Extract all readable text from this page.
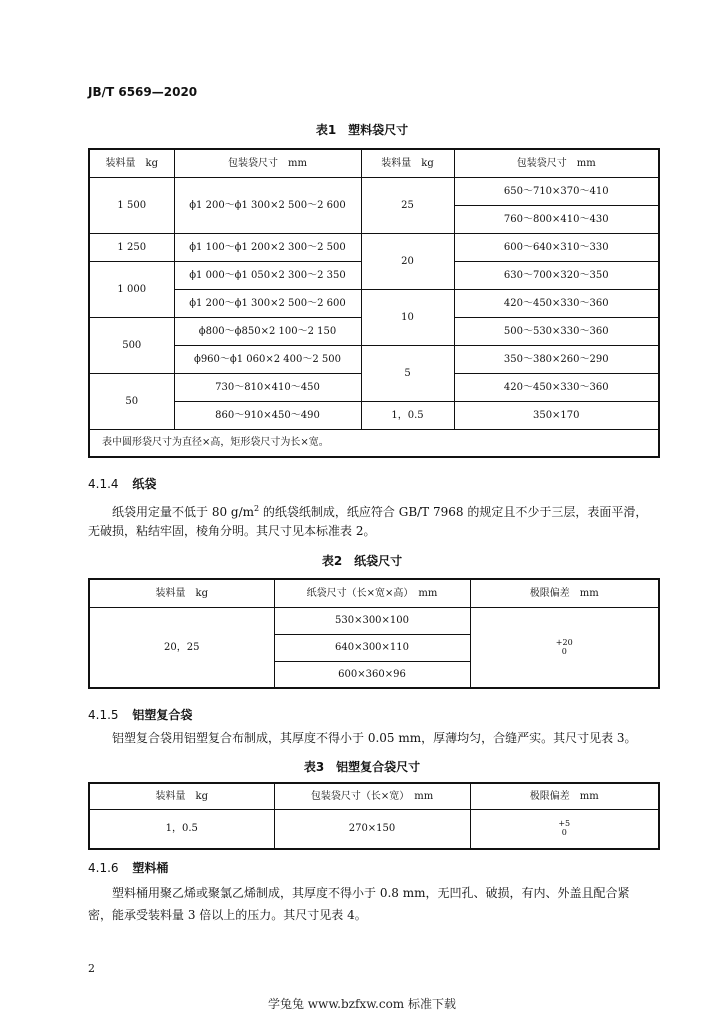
JB/T 6569—2020
表1　塑料袋尺寸
装料量　kg	包装袋尺寸　mm	装料量　kg	包装袋尺寸　mm
1 500	ϕ1 200～ϕ1 300×2 500～2 600	25	650～710×370～410
			760～800×410～430
1 250	ϕ1 100～ϕ1 200×2 300～2 500	20	600～640×310～330
1 000	ϕ1 000～ϕ1 050×2 300～2 350		630～700×320～350
	ϕ1 200～ϕ1 300×2 500～2 600	10	420～450×330～360
500	ϕ800～ϕ850×2 100～2 150		500～530×330～360
	ϕ960～ϕ1 060×2 400～2 500	5	350～380×260～290
50	730～810×410～450		420～450×330～360
	860～910×450～490	1，0.5	350×170
表中圆形袋尺寸为直径×高，矩形袋尺寸为长×宽。			
4.1.4 纸袋
纸袋用定量不低于 80 $g/m^2$ 的纸袋纸制成，纸应符合 GB/T 7968 的规定且不少于三层，表面平滑，
无破损，粘结牢固，棱角分明。其尺寸见本标准表 2。
表2　纸袋尺寸
装料量　kg	纸袋尺寸（长×宽×高）　mm	极限偏差　mm
20，25	530×300×100	+20
0
	640×300×110	
	600×360×96	
4.1.5 铝塑复合袋
铝塑复合袋用铝塑复合布制成，其厚度不得小于 0.05 mm，厚薄均匀，合缝严实。其尺寸见表 3。
表3　铝塑复合袋尺寸
装料量　kg	包装袋尺寸（长×宽）　mm	极限偏差　mm
1，0.5	270×150	+5
0
4.1.6 塑料桶
塑料桶用聚乙烯或聚氯乙烯制成，其厚度不得小于 0.8 mm，无凹孔、破损，有内、外盖且配合紧
密，能承受装料量 3 倍以上的压力。其尺寸见表 4。
2
学兔兔 www.bzfxw.com 标准下载
